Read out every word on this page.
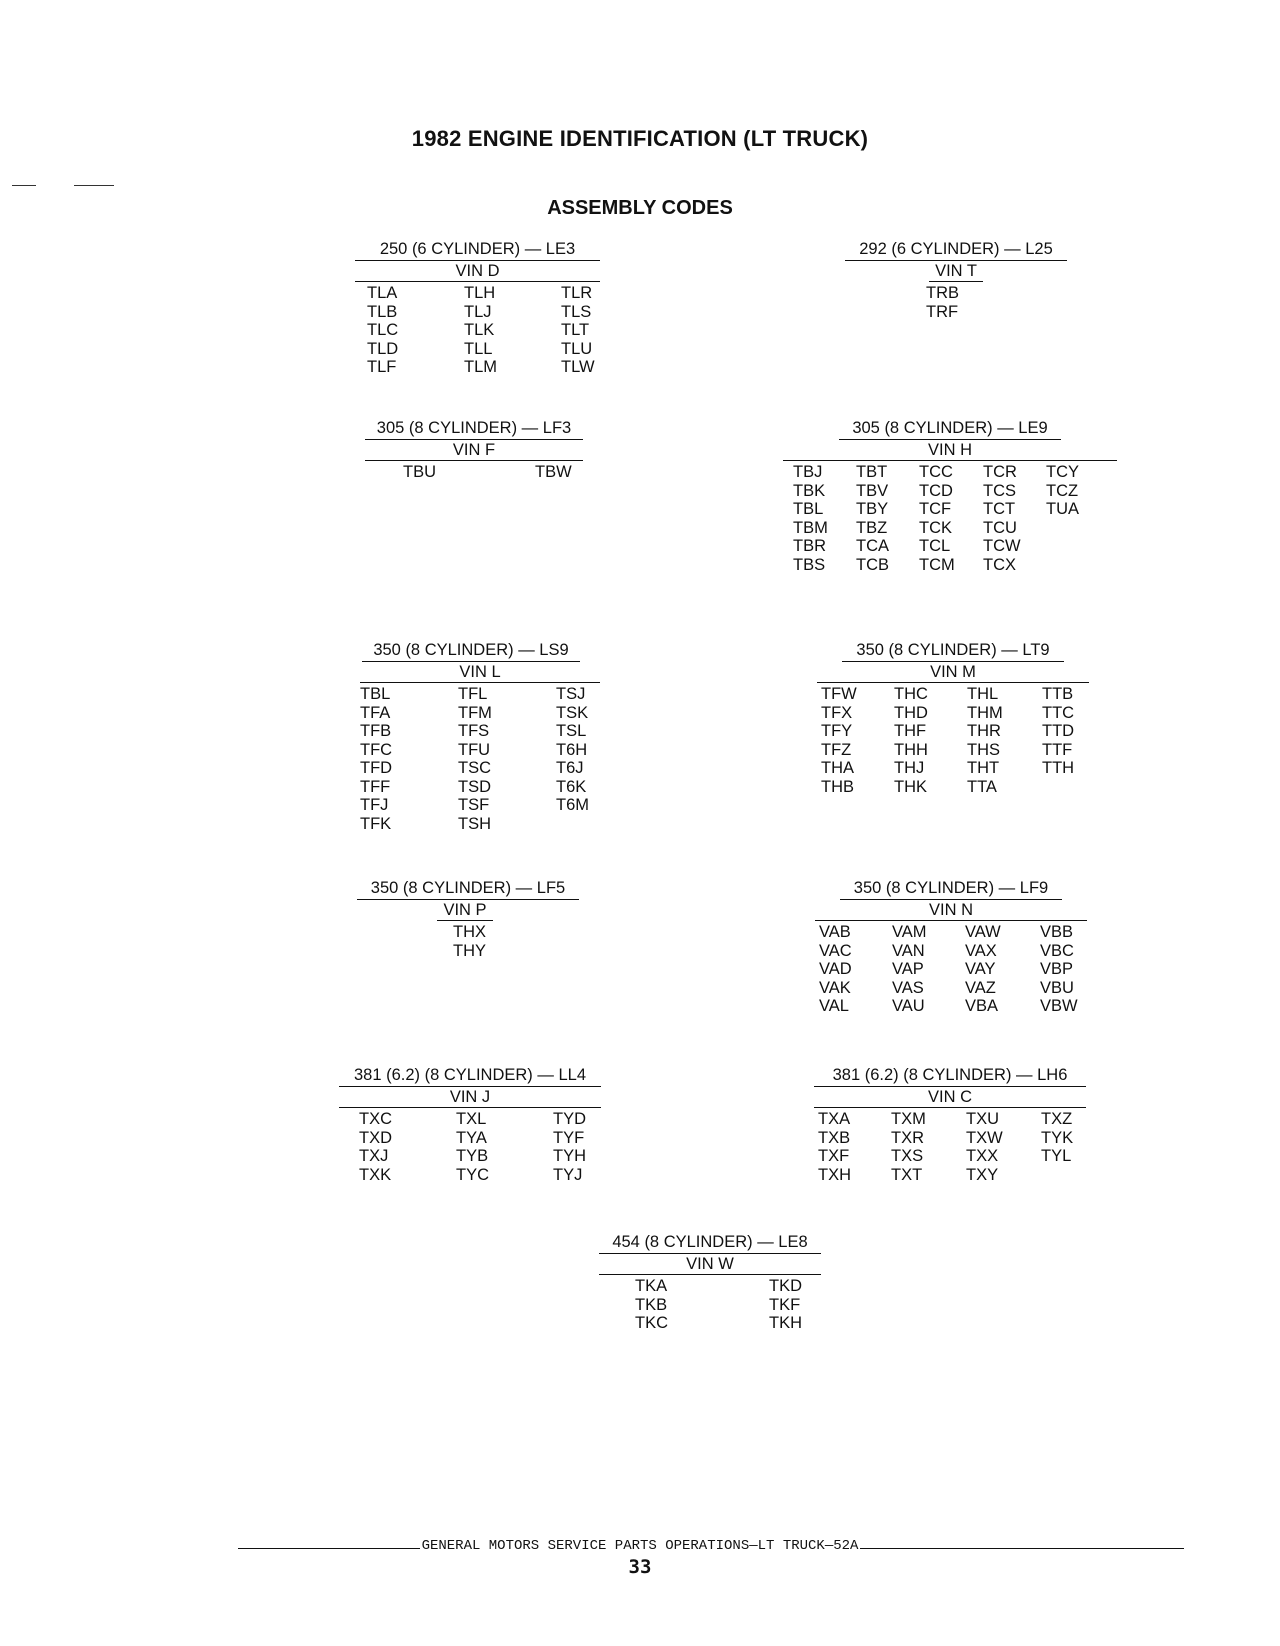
1982 ENGINE IDENTIFICATION (LT TRUCK)
ASSEMBLY CODES
250 (6 CYLINDER) — LE3
VIN D
TLA	TLH	TLR
TLB	TLJ	TLS
TLC	TLK	TLT
TLD	TLL	TLU
TLF	TLM	TLW
292 (6 CYLINDER) — L25
VIN T
TRB
TRF
305 (8 CYLINDER) — LF3
VIN F
TBU	TBW
305 (8 CYLINDER) — LE9
VIN H
TBJ	TBT	TCC	TCR	TCY
TBK	TBV	TCD	TCS	TCZ
TBL	TBY	TCF	TCT	TUA
TBM	TBZ	TCK	TCU
TBR	TCA	TCL	TCW
TBS	TCB	TCM	TCX
350 (8 CYLINDER) — LS9
VIN L
TBL	TFL	TSJ
TFA	TFM	TSK
TFB	TFS	TSL
TFC	TFU	T6H
TFD	TSC	T6J
TFF	TSD	T6K
TFJ	TSF	T6M
TFK	TSH
350 (8 CYLINDER) — LT9
VIN M
TFW	THC	THL	TTB
TFX	THD	THM	TTC
TFY	THF	THR	TTD
TFZ	THH	THS	TTF
THA	THJ	THT	TTH
THB	THK	TTA
350 (8 CYLINDER) — LF5
VIN P
THX
THY
350 (8 CYLINDER) — LF9
VIN N
VAB	VAM	VAW	VBB
VAC	VAN	VAX	VBC
VAD	VAP	VAY	VBP
VAK	VAS	VAZ	VBU
VAL	VAU	VBA	VBW
381 (6.2) (8 CYLINDER) — LL4
VIN J
TXC	TXL	TYD
TXD	TYA	TYF
TXJ	TYB	TYH
TXK	TYC	TYJ
381 (6.2) (8 CYLINDER) — LH6
VIN C
TXA	TXM	TXU	TXZ
TXB	TXR	TXW	TYK
TXF	TXS	TXX	TYL
TXH	TXT	TXY
454 (8 CYLINDER) — LE8
VIN W
TKA	TKD
TKB	TKF
TKC	TKH
GENERAL MOTORS SERVICE PARTS OPERATIONS—LT TRUCK—52A
33
